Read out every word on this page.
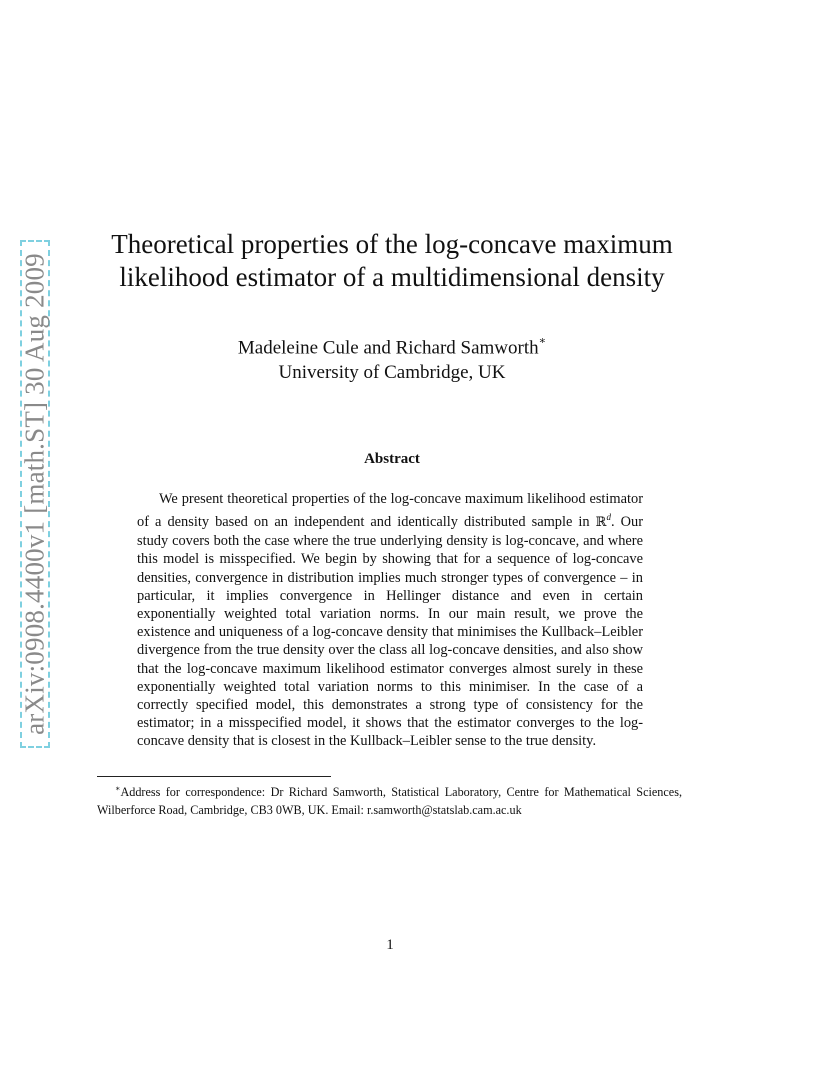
arXiv:0908.4400v1 [math.ST] 30 Aug 2009
Theoretical properties of the log-concave maximum
likelihood estimator of a multidimensional density
Madeleine Cule and Richard Samworth∗
University of Cambridge, UK
Abstract
We present theoretical properties of the log-concave maximum likelihood estimator of a density based on an independent and identically distributed sample in ℝ$^d$. Our study covers both the case where the true underlying density is log-concave, and where this model is misspecified. We begin by showing that for a sequence of log-concave densities, convergence in distribution implies much stronger types of convergence – in particular, it implies convergence in Hellinger distance and even in certain exponentially weighted total variation norms. In our main result, we prove the existence and uniqueness of a log-concave density that minimises the Kullback–Leibler divergence from the true density over the class all log-concave densities, and also show that the log-concave maximum likelihood estimator converges almost surely in these exponentially weighted total variation norms to this minimiser. In the case of a correctly specified model, this demonstrates a strong type of consistency for the estimator; in a misspecified model, it shows that the estimator converges to the log-concave density that is closest in the Kullback–Leibler sense to the true density.
∗Address for correspondence: Dr Richard Samworth, Statistical Laboratory, Centre for Mathematical Sciences, Wilberforce Road, Cambridge, CB3 0WB, UK. Email: r.samworth@statslab.cam.ac.uk
1
